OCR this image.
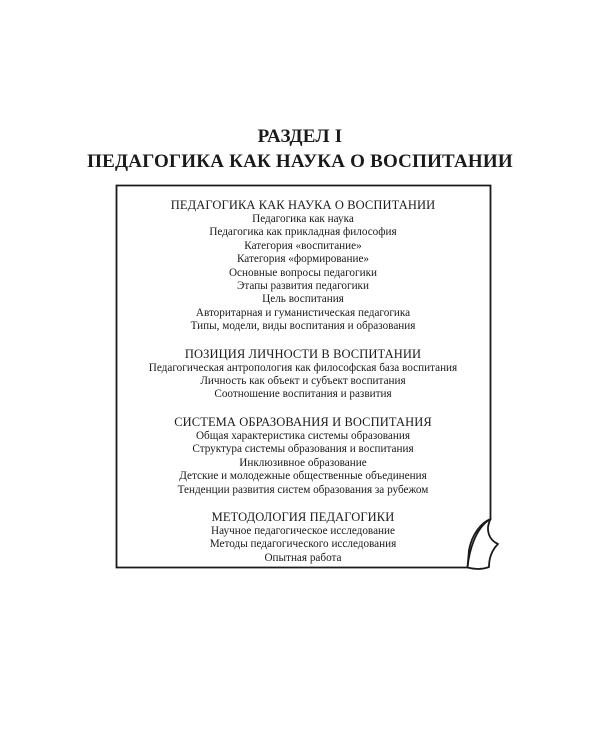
РАЗДЕЛ I
ПЕДАГОГИКА КАК НАУКА О ВОСПИТАНИИ
ПЕДАГОГИКА КАК НАУКА О ВОСПИТАНИИ
Педагогика как наука
Педагогика как прикладная философия
Категория «воспитание»
Категория «формирование»
Основные вопросы педагогики
Этапы развития педагогики
Цель воспитания
Авторитарная и гуманистическая педагогика
Типы, модели, виды воспитания и образования
ПОЗИЦИЯ ЛИЧНОСТИ В ВОСПИТАНИИ
Педагогическая антропология как философская база воспитания
Личность как объект и субъект воспитания
Соотношение воспитания и развития
СИСТЕМА ОБРАЗОВАНИЯ И ВОСПИТАНИЯ
Общая характеристика системы образования
Структура системы образования и воспитания
Инклюзивное образование
Детские и молодежные общественные объединения
Тенденции развития систем образования за рубежом
МЕТОДОЛОГИЯ ПЕДАГОГИКИ
Научное педагогическое исследование
Методы педагогического исследования
Опытная работа
